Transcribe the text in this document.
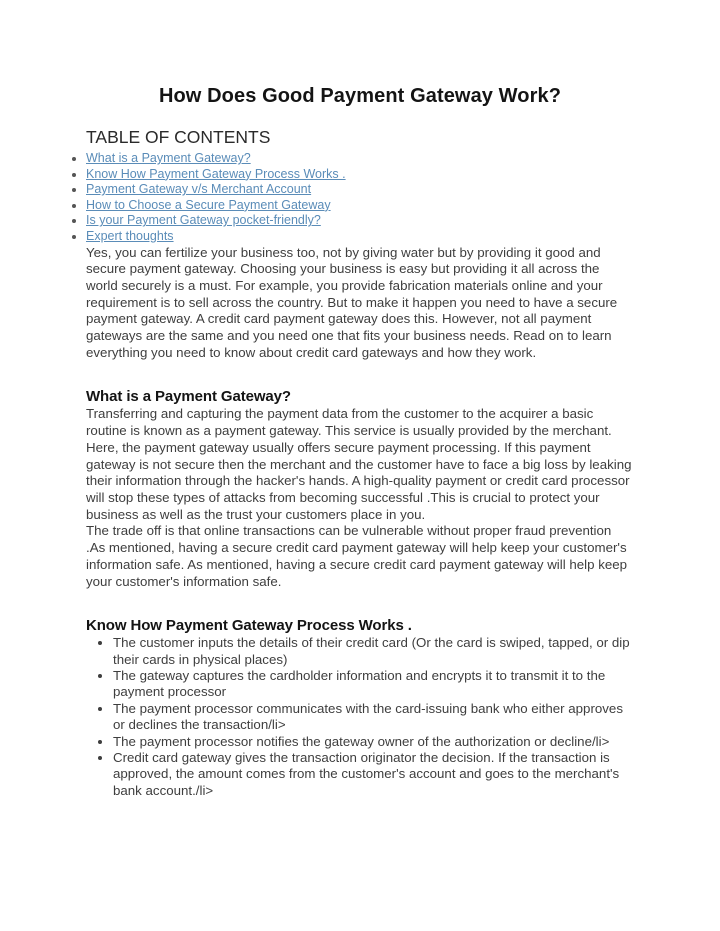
How Does Good Payment Gateway Work?
TABLE OF CONTENTS
• What is a Payment Gateway?
• Know How Payment Gateway Process Works .
• Payment Gateway v/s Merchant Account
• How to Choose a Secure Payment Gateway
• Is your Payment Gateway pocket-friendly?
• Expert thoughts

Yes, you can fertilize your business too, not by giving water but by providing it good and secure payment gateway. Choosing your business is easy but providing it all across the world securely is a must. For example, you provide fabrication materials online and your requirement is to sell across the country. But to make it happen you need to have a secure payment gateway. A credit card payment gateway does this. However, not all payment gateways are the same and you need one that fits your business needs. Read on to learn everything you need to know about credit card gateways and how they work.

What is a Payment Gateway?

Transferring and capturing the payment data from the customer to the acquirer a basic routine is known as a payment gateway. This service is usually provided by the merchant. Here, the payment gateway usually offers secure payment processing. If this payment gateway is not secure then the merchant and the customer have to face a big loss by leaking their information through the hacker's hands. A high-quality payment or credit card processor will stop these types of attacks from becoming successful .This is crucial to protect your business as well as the trust your customers place in you.

The trade off is that online transactions can be vulnerable without proper fraud prevention .As mentioned, having a secure credit card payment gateway will help keep your customer's information safe. As mentioned, having a secure credit card payment gateway will help keep your customer's information safe.

Know How Payment Gateway Process Works .
• The customer inputs the details of their credit card (Or the card is swiped, tapped, or dip their cards in physical places)
• The gateway captures the cardholder information and encrypts it to transmit it to the payment processor
• The payment processor communicates with the card-issuing bank who either approves or declines the transaction/li>
• The payment processor notifies the gateway owner of the authorization or decline/li>
• Credit card gateway gives the transaction originator the decision. If the transaction is approved, the amount comes from the customer's account and goes to the merchant's bank account./li>
